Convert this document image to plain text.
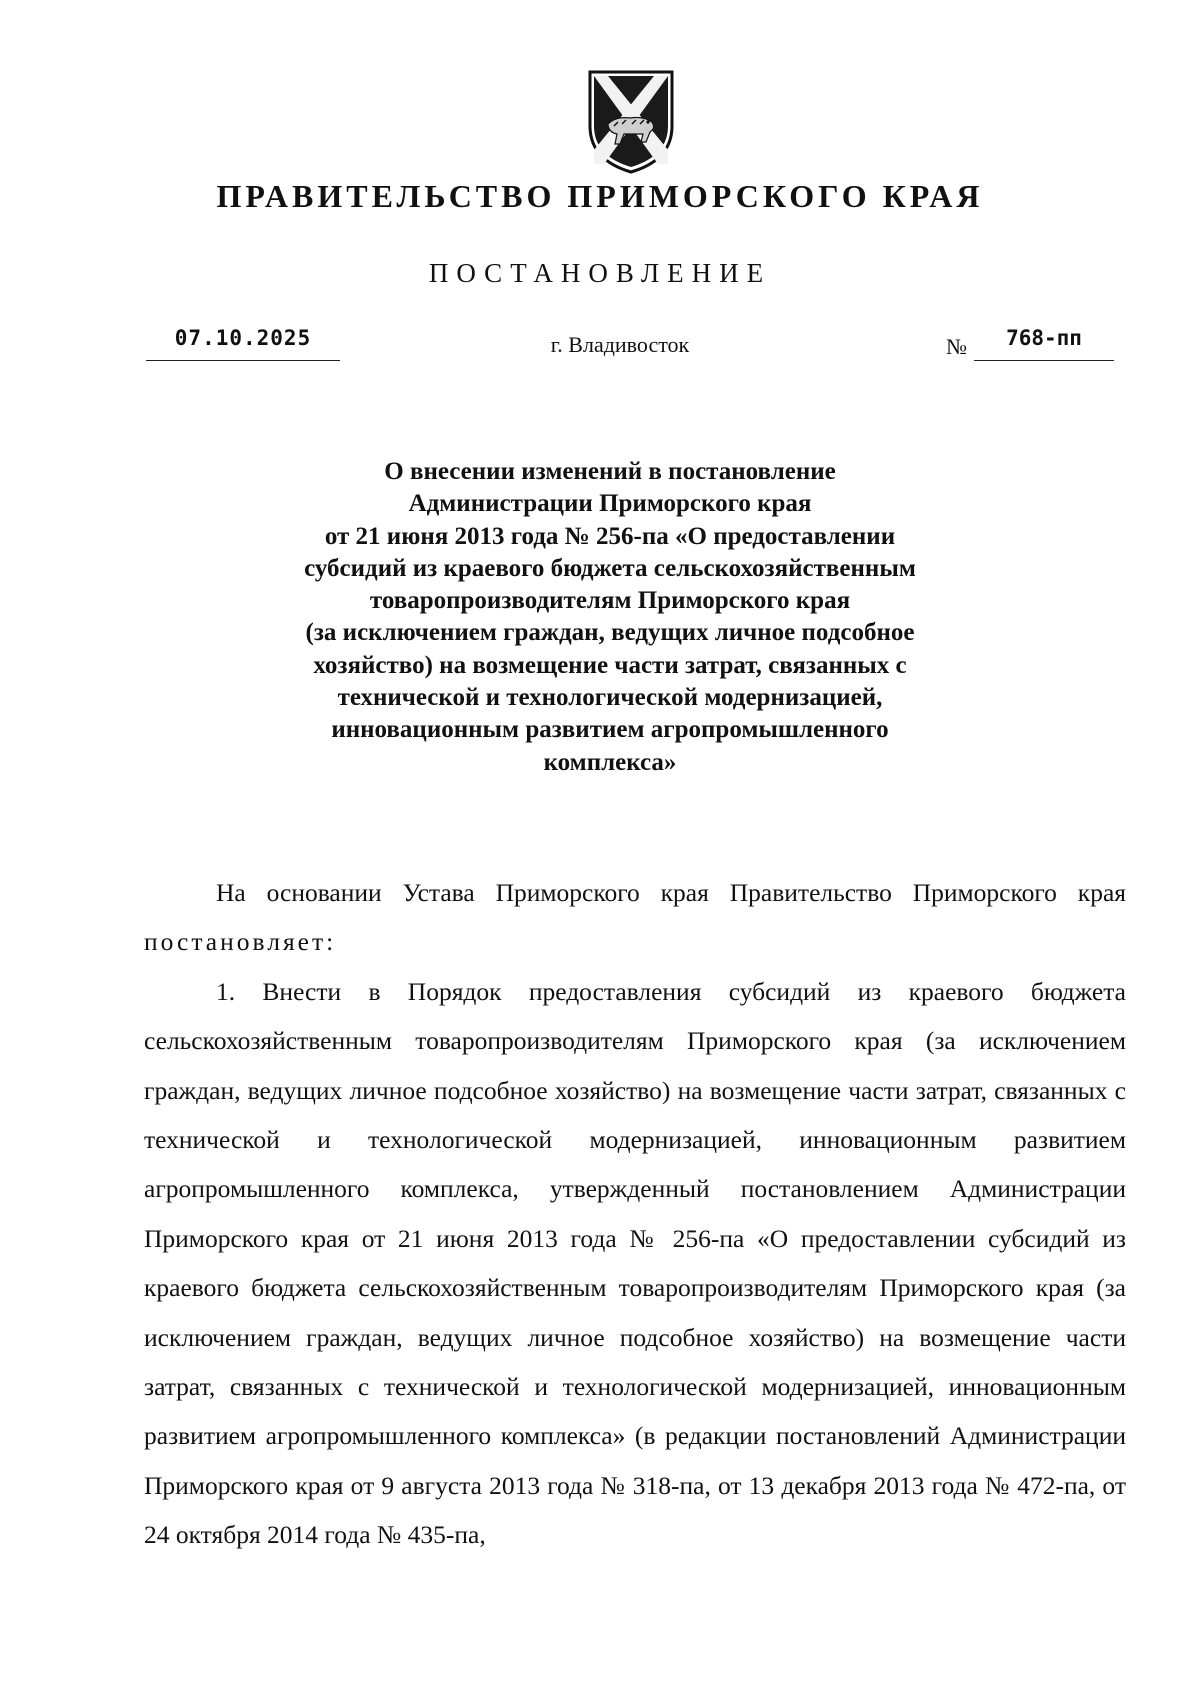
ПРАВИТЕЛЬСТВО ПРИМОРСКОГО КРАЯ
ПОСТАНОВЛЕНИЕ
07.10.2025	г. Владивосток	№	768-пп
О внесении изменений в постановление
Администрации Приморского края
от 21 июня 2013 года № 256-па «О предоставлении
субсидий из краевого бюджета сельскохозяйственным
товаропроизводителям Приморского края
(за исключением граждан, ведущих личное подсобное
хозяйство) на возмещение части затрат, связанных с
технической и технологической модернизацией,
инновационным развитием агропромышленного
комплекса»

На основании Устава Приморского края Правительство Приморского края постановляет:

1. Внести в Порядок предоставления субсидий из краевого бюджета сельскохозяйственным товаропроизводителям Приморского края (за исключением граждан, ведущих личное подсобное хозяйство) на возмещение части затрат, связанных с технической и технологической модернизацией, инновационным развитием агропромышленного комплекса, утвержденный постановлением Администрации Приморского края от 21 июня 2013 года № 256-па «О предоставлении субсидий из краевого бюджета сельскохозяйственным товаропроизводителям Приморского края (за исключением граждан, ведущих личное подсобное хозяйство) на возмещение части затрат, связанных с технической и технологической модернизацией, инновационным развитием агропромышленного комплекса» (в редакции постановлений Администрации Приморского края от 9 августа 2013 года № 318-па, от 13 декабря 2013 года № 472-па, от 24 октября 2014 года № 435-па,
